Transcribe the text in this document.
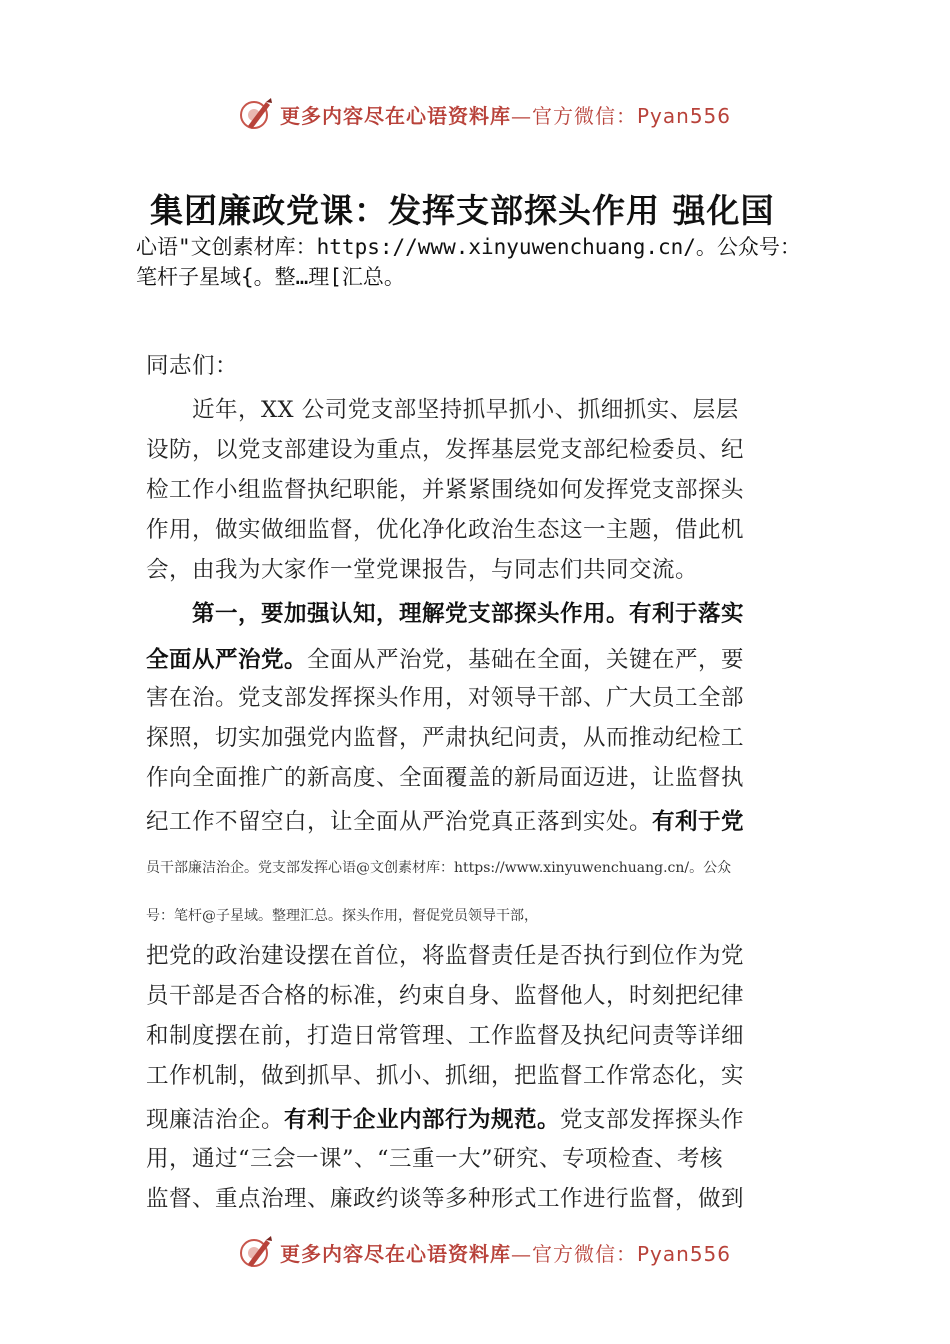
更多内容尽在心语资料库—官方微信：Pyan556
集团廉政党课：发挥支部探头作用 强化国
心语"文创素材库：https://www.xinyuwenchuang.cn/。公众号：
笔杆子星域{。整…理[汇总。
同志们：
　　近年，XX 公司党支部坚持抓早抓小、抓细抓实、层层
设防，以党支部建设为重点，发挥基层党支部纪检委员、纪
检工作小组监督执纪职能，并紧紧围绕如何发挥党支部探头
作用，做实做细监督，优化净化政治生态这一主题，借此机
会，由我为大家作一堂党课报告，与同志们共同交流。
　　第一，要加强认知，理解党支部探头作用。有利于落实
全面从严治党。全面从严治党，基础在全面，关键在严，要
害在治。党支部发挥探头作用，对领导干部、广大员工全部
探照，切实加强党内监督，严肃执纪问责，从而推动纪检工
作向全面推广的新高度、全面覆盖的新局面迈进，让监督执
纪工作不留空白，让全面从严治党真正落到实处。有利于党
员干部廉洁治企。党支部发挥心语@文创素材库：https://www.xinyuwenchuang.cn/。公众
号：笔杆@子星域。整理汇总。探头作用，督促党员领导干部，
把党的政治建设摆在首位，将监督责任是否执行到位作为党
员干部是否合格的标准，约束自身、监督他人，时刻把纪律
和制度摆在前，打造日常管理、工作监督及执纪问责等详细
工作机制，做到抓早、抓小、抓细，把监督工作常态化，实
现廉洁治企。有利于企业内部行为规范。党支部发挥探头作
用，通过“三会一课”、“三重一大”研究、专项检查、考核
监督、重点治理、廉政约谈等多种形式工作进行监督，做到
更多内容尽在心语资料库—官方微信：Pyan556
